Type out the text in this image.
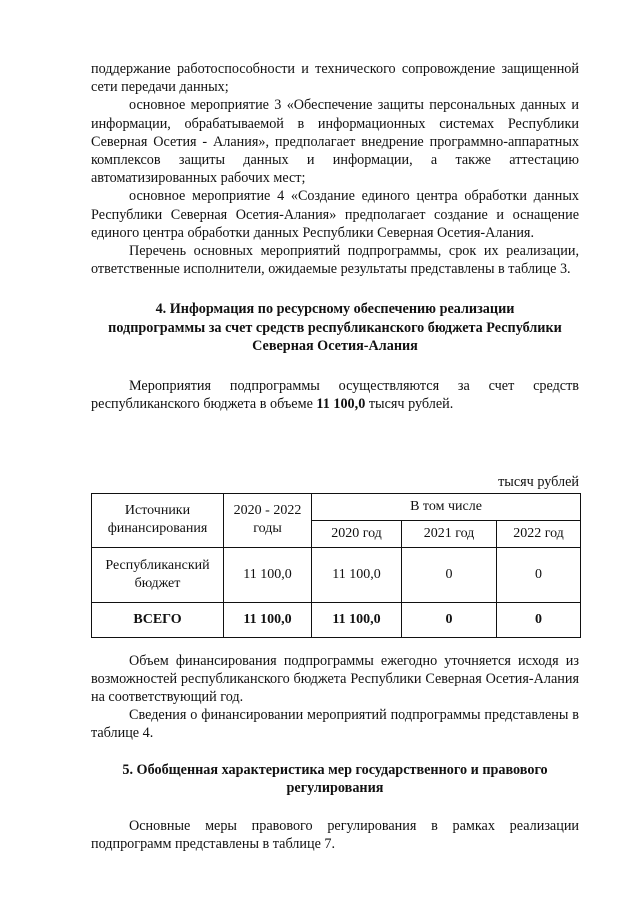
поддержание работоспособности и технического сопровождение защищенной сети передачи данных;

основное мероприятие 3 «Обеспечение защиты персональных данных и информации, обрабатываемой в информационных системах Республики Северная Осетия - Алания», предполагает внедрение программно-аппаратных комплексов защиты данных и информации, а также аттестацию автоматизированных рабочих мест;

основное мероприятие 4 «Создание единого центра обработки данных Республики Северная Осетия-Алания» предполагает создание и оснащение единого центра обработки данных Республики Северная Осетия-Алания.

Перечень основных мероприятий подпрограммы, срок их реализации, ответственные исполнители, ожидаемые результаты представлены в таблице 3.

4. Информация по ресурсному обеспечению реализации
подпрограммы за счет средств республиканского бюджета Республики
Северная Осетия-Алания

Мероприятия подпрограммы осуществляются за счет средств республиканского бюджета в объеме 11 100,0 тысяч рублей.

тысяч рублей
Источники финансирования	2020 - 2022 годы	В том числе		
		2020 год	2021 год	2022 год
Республиканский бюджет	11 100,0	11 100,0	0	0
ВСЕГО	11 100,0	11 100,0	0	0

Объем финансирования подпрограммы ежегодно уточняется исходя из возможностей республиканского бюджета Республики Северная Осетия-Алания на соответствующий год.

Сведения о финансировании мероприятий подпрограммы представлены в таблице 4.

5. Обобщенная характеристика мер государственного и правового
регулирования

Основные меры правового регулирования в рамках реализации подпрограмм представлены в таблице 7.
